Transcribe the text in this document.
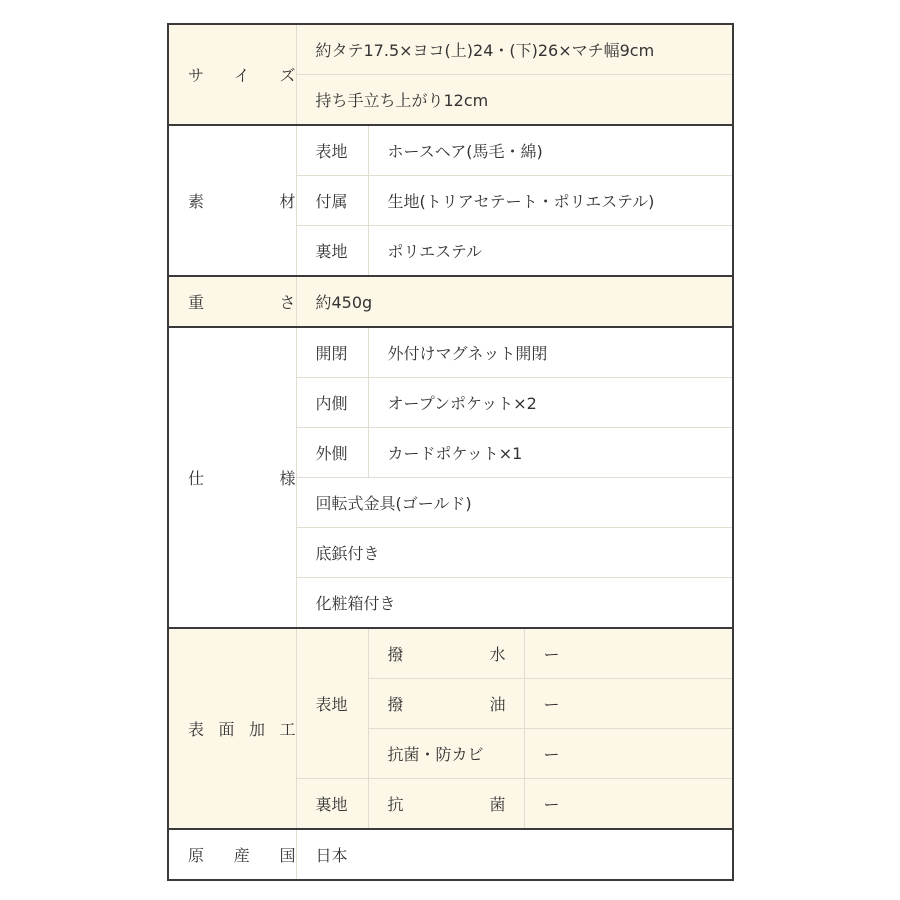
サ イ ズ	約タテ17.5×ヨコ(上)24・(下)26×マチ幅9cm		
	持ち手立ち上がり12cm		

素 材	表地	ホースヘア(馬毛・綿)	
	付属	生地(トリアセテート・ポリエステル)	
	裏地	ポリエステル	

重 さ	約450g		

仕 様	開閉	外付けマグネット開閉	
	内側	オープンポケット×2	
	外側	カードポケット×1	
	回転式金具(ゴールド)		
	底鋲付き		
	化粧箱付き		

表 面 加 工	表地	撥 水	ー

		撥 油	ー
		抗菌・防カビ	ー
	裏地	抗 菌	ー

原 産 国	日本		
